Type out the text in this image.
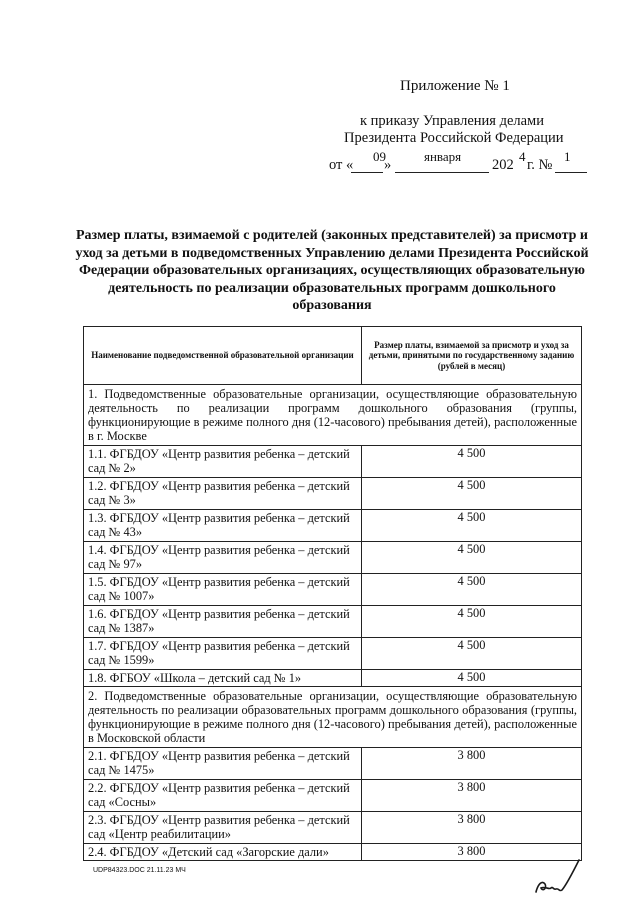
Приложение № 1
к приказу Управления делами
Президента Российской Федерации
от «
09
»
января
202
4
г. №
1
Размер платы, взимаемой с родителей (законных представителей) за присмотр и уход за детьми в подведомственных Управлению делами Президента Российской Федерации образовательных организациях, осуществляющих образовательную деятельность по реализации образовательных программ дошкольного образования
Наименование подведомственной образовательной организации	Размер платы, взимаемой за присмотр и уход за детьми, принятыми по государственному заданию (рублей в месяц)
1. Подведомственные образовательные организации, осуществляющие образовательную деятельность по реализации программ дошкольного образования (группы, функционирующие в режиме полного дня (12-часового) пребывания детей), расположенные в г. Москве	
1.1. ФГБДОУ «Центр развития ребенка – детский сад № 2»	4 500
1.2. ФГБДОУ «Центр развития ребенка – детский сад № 3»	4 500
1.3. ФГБДОУ «Центр развития ребенка – детский сад № 43»	4 500
1.4. ФГБДОУ «Центр развития ребенка – детский сад № 97»	4 500
1.5. ФГБДОУ «Центр развития ребенка – детский сад № 1007»	4 500
1.6. ФГБДОУ «Центр развития ребенка – детский сад № 1387»	4 500
1.7. ФГБДОУ «Центр развития ребенка – детский сад № 1599»	4 500
1.8. ФГБОУ «Школа – детский сад № 1»	4 500
2. Подведомственные образовательные организации, осуществляющие образовательную деятельность по реализации образовательных программ дошкольного образования (группы, функционирующие в режиме полного дня (12-часового) пребывания детей), расположенные в Московской области	
2.1. ФГБДОУ «Центр развития ребенка – детский сад № 1475»	3 800
2.2. ФГБДОУ «Центр развития ребенка – детский сад «Сосны»	3 800
2.3. ФГБДОУ «Центр развития ребенка – детский сад «Центр реабилитации»	3 800
2.4. ФГБДОУ «Детский сад «Загорские дали»	3 800
UDP84323.DOC 21.11.23 МЧ
